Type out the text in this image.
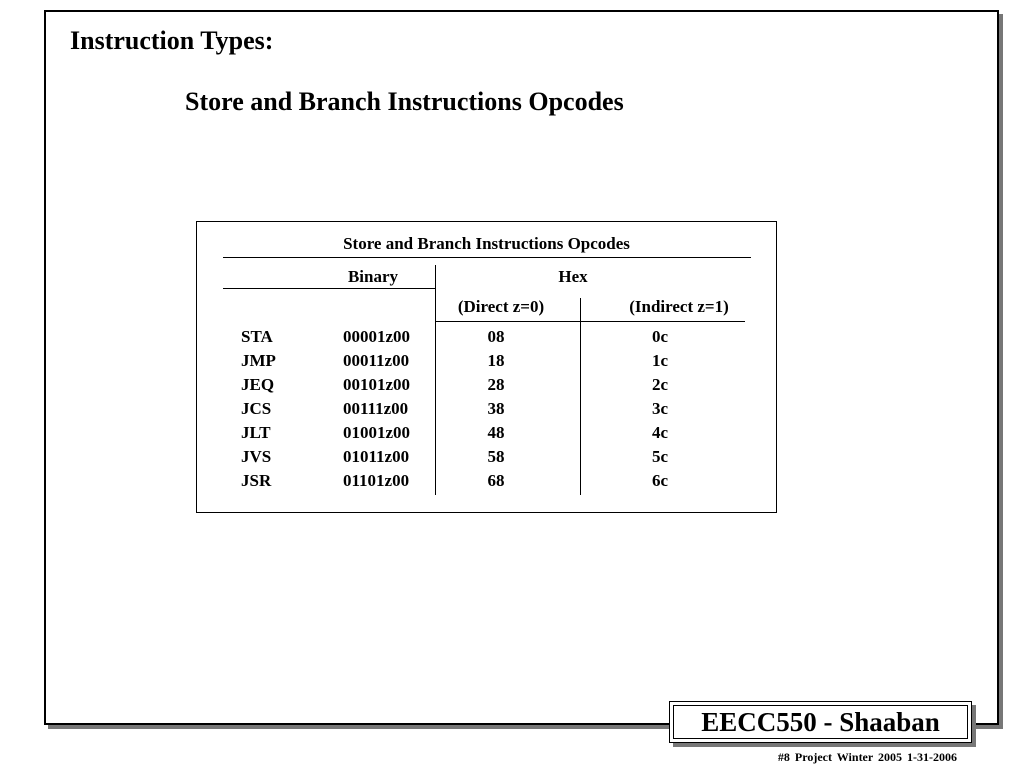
Instruction Types:
Store and Branch Instructions Opcodes
Store and Branch Instructions Opcodes
Binary	Hex
(Direct z=0)	(Indirect z=1)
STA	00001z00	08	0c
JMP	00011z00	18	1c
JEQ	00101z00	28	2c
JCS	00111z00	38	3c
JLT	01001z00	48	4c
JVS	01011z00	58	5c
JSR	01101z00	68	6c
EECC550 - Shaaban
#8 Project Winter 2005 1-31-2006
